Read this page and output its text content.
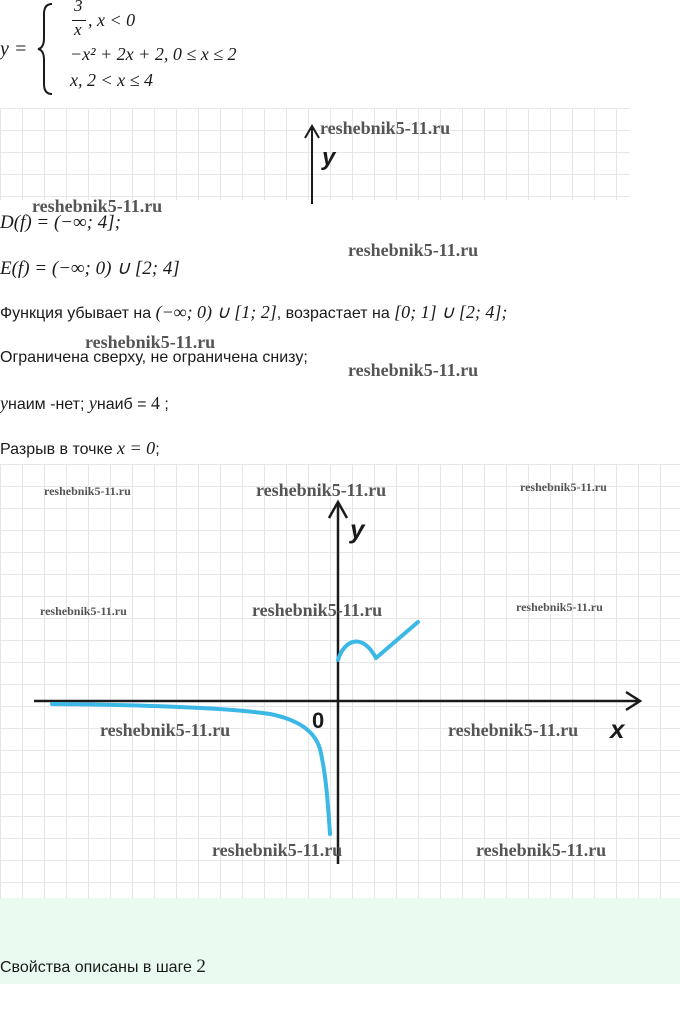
y =
3
x , x < 0
−x² + 2x + 2, 0 ≤ x ≤ 2
x, 2 < x ≤ 4
y
reshebnik5-11.ru
D(f) = (−∞; 4];
reshebnik5-11.ru
E(f) = (−∞; 0) ∪ [2; 4]
reshebnik5-11.ru
Функция убывает на (−∞; 0) ∪ [1; 2], возрастает на [0; 1] ∪ [2; 4];
reshebnik5-11.ru
Ограничена сверху, не ограничена снизу;
reshebnik5-11.ru
yнаим -нет; yнаиб = 4 ;
Разрыв в точке x = 0;
y
x
0
reshebnik5-11.ru	reshebnik5-11.ru	reshebnik5-11.ru
reshebnik5-11.ru	reshebnik5-11.ru	reshebnik5-11.ru
reshebnik5-11.ru	reshebnik5-11.ru
reshebnik5-11.ru	reshebnik5-11.ru
Свойства описаны в шаге 2
